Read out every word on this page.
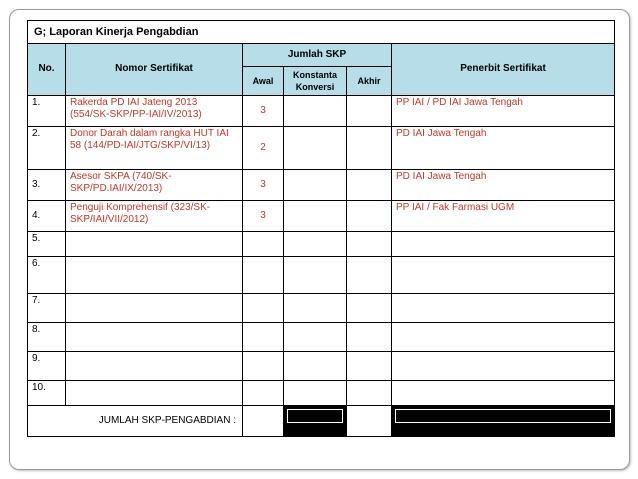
G; Laporan Kinerja Pengabdian					
No.	Nomor Sertifikat	Jumlah SKP			Penerbit Sertifikat
		Awal	Konstanta Konversi	Akhir	
1.	Rakerda PD IAI Jateng 2013 (554/SK-SKP/PP-IAI/IV/2013)	3			PP IAI / PD IAI Jawa Tengah
2.	Donor Darah dalam rangka HUT IAI 58 (144/PD-IAI/JTG/SKP/VI/13)	2			PD IAI Jawa Tengah
3.	Asesor SKPA (740/SK-SKP/PD.IAI/IX/2013)	3			PD IAI Jawa Tengah
4.	Penguji Komprehensif (323/SK-SKP/IAI/VII/2012)	3			PP IAI / Fak Farmasi UGM
5.					
6.					
7.					
8.					
9.					
10.					
JUMLAH SKP-PENGABDIAN :			
